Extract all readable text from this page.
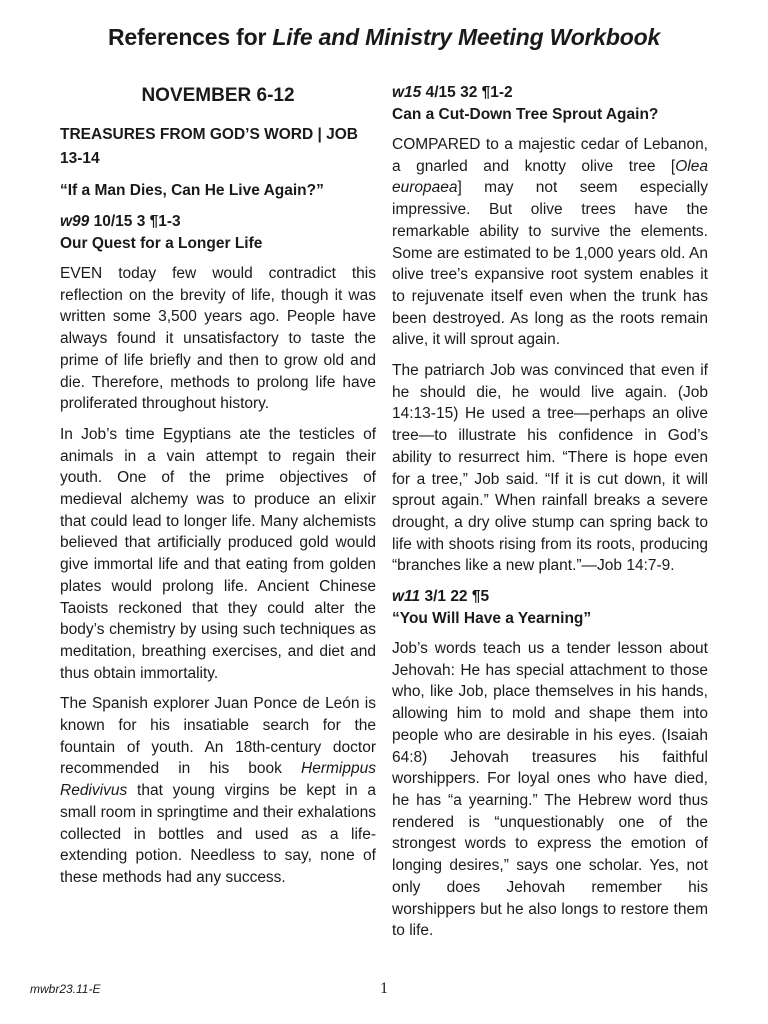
References for Life and Ministry Meeting Workbook
NOVEMBER 6-12
TREASURES FROM GOD’S WORD | JOB 13-14
“If a Man Dies, Can He Live Again?”
w99 10/15 3 ¶1-3
Our Quest for a Longer Life

EVEN today few would contradict this reflection on the brevity of life, though it was written some 3,500 years ago. People have always found it unsatisfactory to taste the prime of life briefly and then to grow old and die. Therefore, methods to prolong life have proliferated throughout history.

In Job’s time Egyptians ate the testicles of animals in a vain attempt to regain their youth. One of the prime objectives of medieval alchemy was to produce an elixir that could lead to longer life. Many alchemists believed that artificially produced gold would give immortal life and that eating from golden plates would prolong life. Ancient Chinese Taoists reckoned that they could alter the body’s chemistry by using such techniques as meditation, breathing exercises, and diet and thus obtain immortality.

The Spanish explorer Juan Ponce de León is known for his insatiable search for the fountain of youth. An 18th-century doctor recommended in his book Hermippus Redivivus that young virgins be kept in a small room in springtime and their exhalations collected in bottles and used as a life-extending potion. Needless to say, none of these methods had any success.

w15 4/15 32 ¶1-2
Can a Cut-Down Tree Sprout Again?

COMPARED to a majestic cedar of Lebanon, a gnarled and knotty olive tree [Olea europaea] may not seem especially impressive. But olive trees have the remarkable ability to survive the elements. Some are estimated to be 1,000 years old. An olive tree’s expansive root system enables it to rejuvenate itself even when the trunk has been destroyed. As long as the roots remain alive, it will sprout again.

The patriarch Job was convinced that even if he should die, he would live again. (Job 14:13-15) He used a tree—perhaps an olive tree—to illustrate his confidence in God’s ability to resurrect him. “There is hope even for a tree,” Job said. “If it is cut down, it will sprout again.” When rainfall breaks a severe drought, a dry olive stump can spring back to life with shoots rising from its roots, producing “branches like a new plant.”—Job 14:7-9.

w11 3/1 22 ¶5
“You Will Have a Yearning”

Job’s words teach us a tender lesson about Jehovah: He has special attachment to those who, like Job, place themselves in his hands, allowing him to mold and shape them into people who are desirable in his eyes. (Isaiah 64:8) Jehovah treasures his faithful worshippers. For loyal ones who have died, he has “a yearning.” The Hebrew word thus rendered is “unquestionably one of the strongest words to express the emotion of longing desires,” says one scholar. Yes, not only does Jehovah remember his worshippers but he also longs to restore them to life.

mwbr23.11-E	1
